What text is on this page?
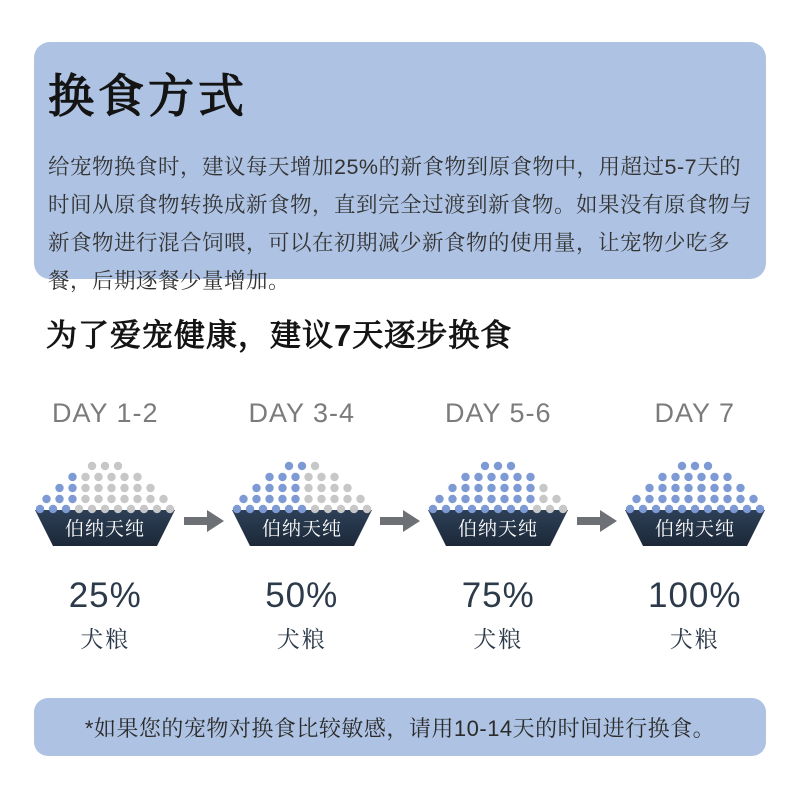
换食方式
给宠物换食时，建议每天增加25%的新食物到原食物中，用超过5-7天的时间从原食物转换成新食物，直到完全过渡到新食物。如果没有原食物与新食物进行混合饲喂，可以在初期减少新食物的使用量，让宠物少吃多餐，后期逐餐少量增加。
为了爱宠健康，建议7天逐步换食
DAY 1-2
伯纳天纯
25%
犬粮
DAY 3-4
伯纳天纯
50%
犬粮
DAY 5-6
伯纳天纯
75%
犬粮
DAY 7
伯纳天纯
100%
犬粮
*如果您的宠物对换食比较敏感，请用10-14天的时间进行换食。
